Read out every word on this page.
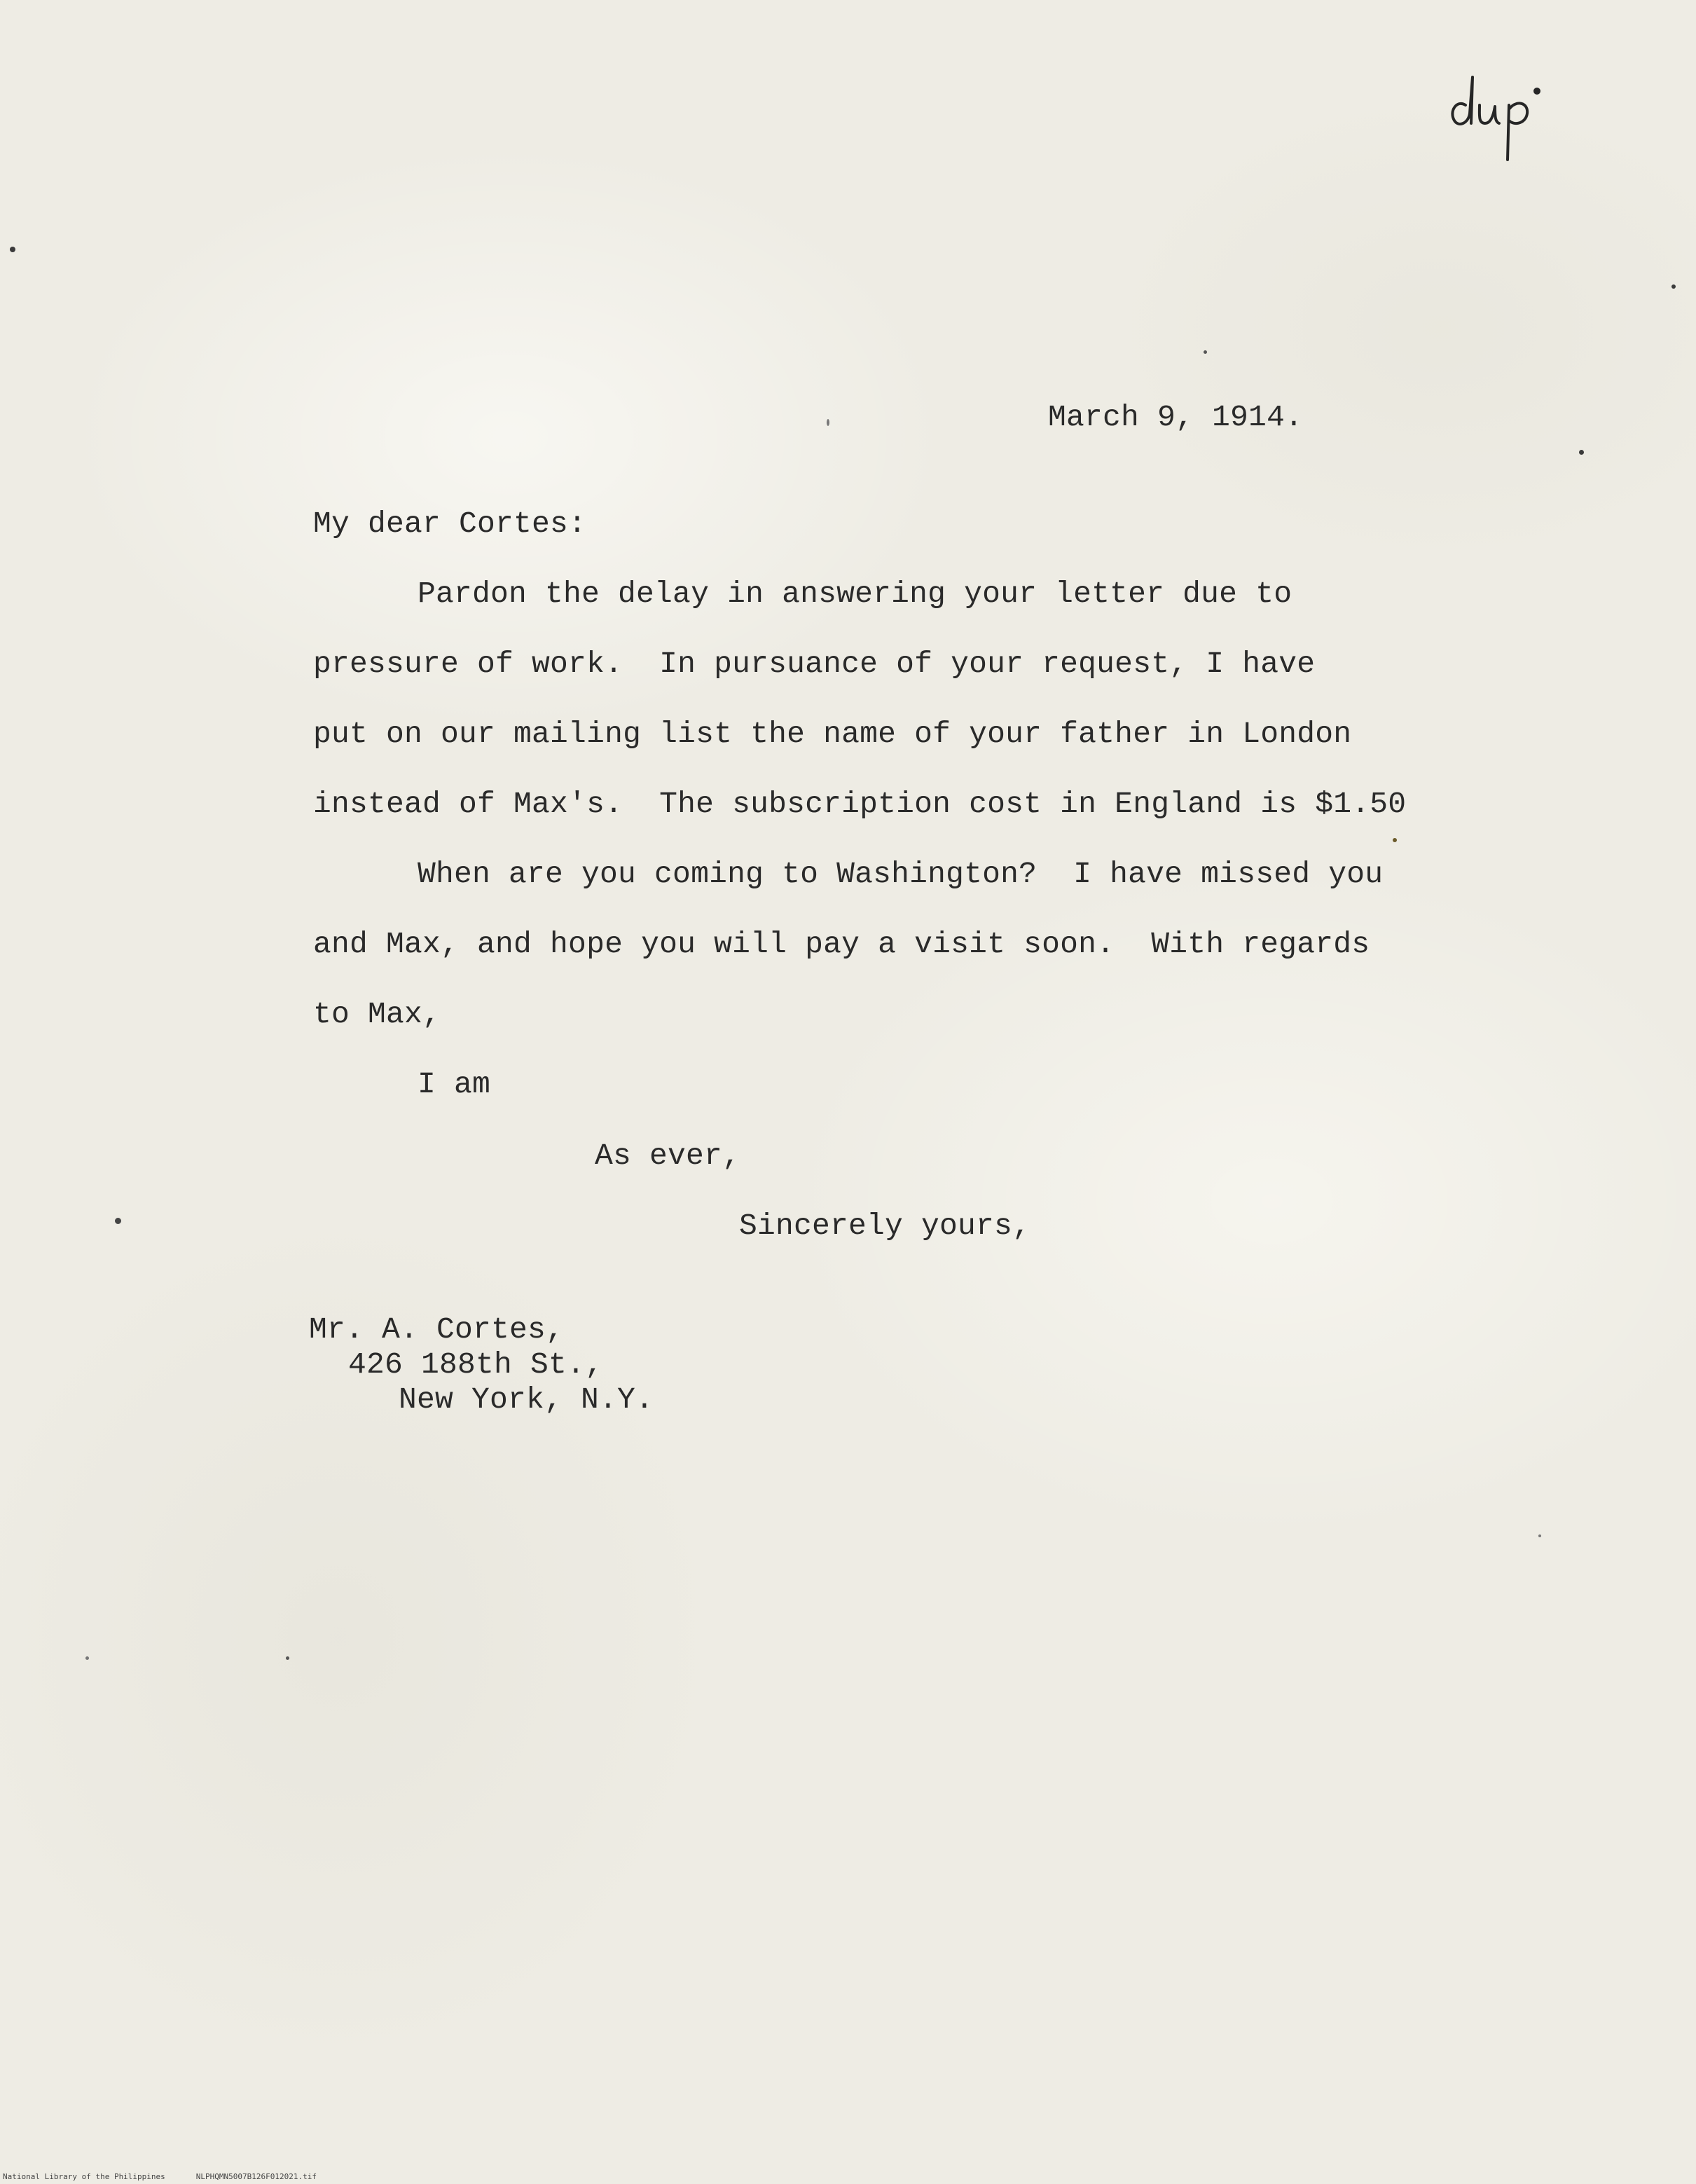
March 9, 1914.
My dear Cortes:
Pardon the delay in answering your letter due to
pressure of work.  In pursuance of your request, I have
put on our mailing list the name of your father in London
instead of Max's.  The subscription cost in England is $1.50
When are you coming to Washington?  I have missed you
and Max, and hope you will pay a visit soon.  With regards
to Max,
I am
As ever,
Sincerely yours,
Mr. A. Cortes,
426 188th St.,
New York, N.Y.
National Library of the Philippines	NLPHQMN5007B126F012021.tif
